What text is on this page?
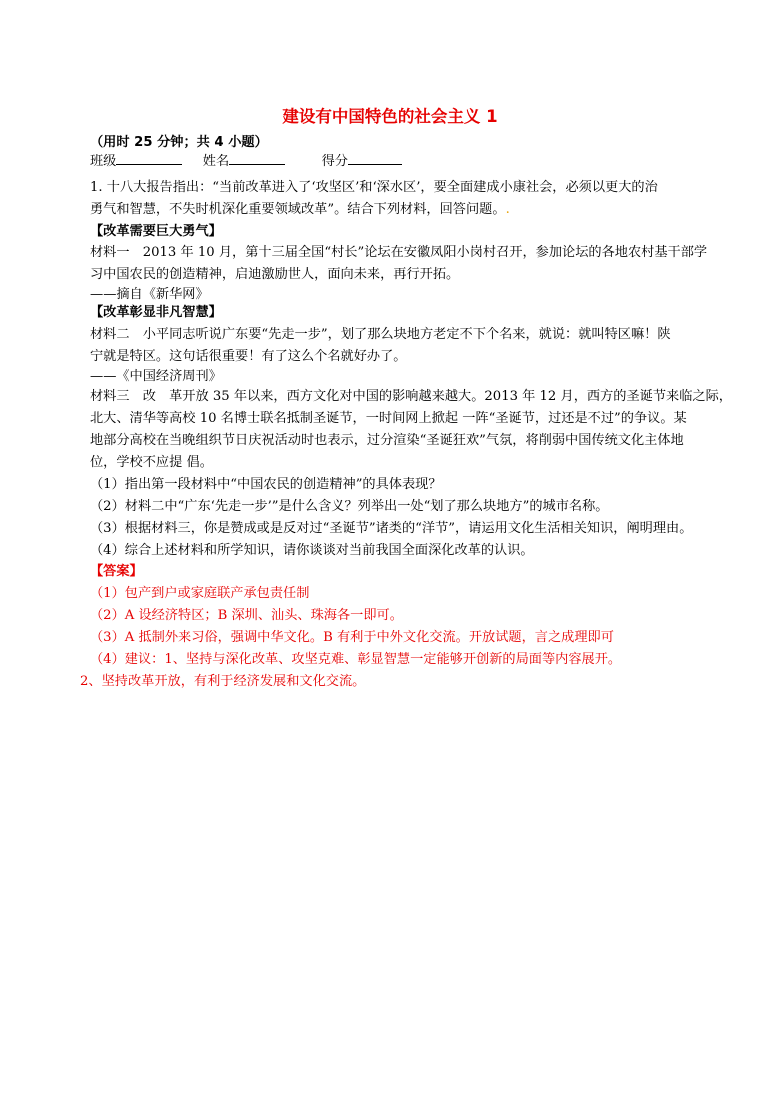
建设有中国特色的社会主义 1
（用时 25 分钟；共 4 小题）
班级	姓名	得分
1. 十八大报告指出：“当前改革进入了‘攻坚区’和‘深水区’，要全面建成小康社会，必须以更大的治
勇气和智慧，不失时机深化重要领域改革”。结合下列材料，回答问题。.
【改革需要巨大勇气】
材料一　2013 年 10 月，第十三届全国“村长”论坛在安徽凤阳小岗村召开，参加论坛的各地农村基干部学
习中国农民的创造精神，启迪激励世人，面向未来，再行开拓。
——摘自《新华网》
【改革彰显非凡智慧】
材料二　小平同志听说广东要“先走一步”，划了那么块地方老定不下个名来，就说：就叫特区嘛！陕
宁就是特区。这句话很重要！有了这么个名就好办了。
——《中国经济周刊》
材料三　改　革开放 35 年以来，西方文化对中国的影响越来越大。2013 年 12 月，西方的圣诞节来临之际，
北大、清华等高校 10 名博士联名抵制圣诞节，一时间网上掀起 一阵“圣诞节，过还是不过”的争议。某
地部分高校在当晚组织节日庆祝活动时也表示，过分渲染“圣诞狂欢”气氛，将削弱中国传统文化主体地
位，学校不应提 倡。
（1）指出第一段材料中“中国农民的创造精神”的具体表现？
（2）材料二中“广东‘先走一步’”是什么含义？列举出一处“划了那么块地方”的城市名称。
（3）根据材料三，你是赞成或是反对过“圣诞节”诸类的“洋节”，请运用文化生活相关知识，阐明理由。
（4）综合上述材料和所学知识，请你谈谈对当前我国全面深化改革的认识。
【答案】
（1）包产到户或家庭联产承包责任制
（2）A 设经济特区；B 深圳、汕头、珠海各一即可。
（3）A 抵制外来习俗，强调中华文化。B 有利于中外文化交流。开放试题，言之成理即可
（4）建议：1、坚持与深化改革、攻坚克难、彰显智慧一定能够开创新的局面等内容展开。
2、坚持改革开放，有利于经济发展和文化交流。
